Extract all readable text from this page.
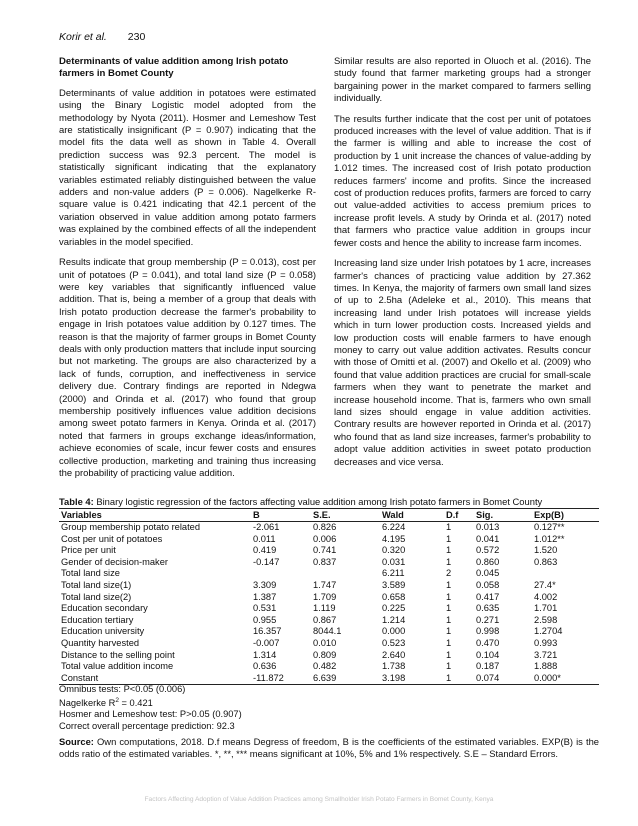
Korir et al. 230
Determinants of value addition among Irish potato farmers in Bomet County

Determinants of value addition in potatoes were estimated using the Binary Logistic model adopted from the methodology by Nyota (2011). Hosmer and Lemeshow Test are statistically insignificant (P = 0.907) indicating that the model fits the data well as shown in Table 4. Overall prediction success was 92.3 percent. The model is statistically significant indicating that the explanatory variables estimated reliably distinguished between the value adders and non-value adders (P = 0.006). Nagelkerke R-square value is 0.421 indicating that 42.1 percent of the variation observed in value addition among potato farmers was explained by the combined effects of all the independent variables in the model specified.

Results indicate that group membership (P = 0.013), cost per unit of potatoes (P = 0.041), and total land size (P = 0.058) were key variables that significantly influenced value addition. That is, being a member of a group that deals with Irish potato production decrease the farmer's probability to engage in Irish potatoes value addition by 0.127 times. The reason is that the majority of farmer groups in Bomet County deals with only production matters that include input sourcing but not marketing. The groups are also characterized by a lack of funds, corruption, and ineffectiveness in service delivery due. Contrary findings are reported in Ndegwa (2000) and Orinda et al. (2017) who found that group membership positively influences value addition decisions among sweet potato farmers in Kenya. Orinda et al. (2017) noted that farmers in groups exchange ideas/information, achieve economies of scale, incur fewer costs and ensures collective production, marketing and training thus increasing the probability of practicing value addition.

Similar results are also reported in Oluoch et al. (2016). The study found that farmer marketing groups had a stronger bargaining power in the market compared to farmers selling individually.

The results further indicate that the cost per unit of potatoes produced increases with the level of value addition. That is if the farmer is willing and able to increase the cost of production by 1 unit increase the chances of value-adding by 1.012 times. The increased cost of Irish potato production reduces farmers' income and profits. Since the increased cost of production reduces profits, farmers are forced to carry out value-added activities to access premium prices to increase profit levels. A study by Orinda et al. (2017) noted that farmers who practice value addition in groups incur fewer costs and hence the ability to increase farm incomes.

Increasing land size under Irish potatoes by 1 acre, increases farmer's chances of practicing value addition by 27.362 times. In Kenya, the majority of farmers own small land sizes of up to 2.5ha (Adeleke et al., 2010). This means that increasing land under Irish potatoes will increase yields which in turn lower production costs. Increased yields and low production costs will enable farmers to have enough money to carry out value addition activates. Results concur with those of Omitti et al. (2007) and Okello et al. (2009) who found that value addition practices are crucial for small-scale farmers when they want to penetrate the market and increase household income. That is, farmers who own small land sizes should engage in value addition activities. Contrary results are however reported in Orinda et al. (2017) who found that as land size increases, farmer's probability to adopt value addition activities in sweet potato production decreases and vice versa.

Table 4: Binary logistic regression of the factors affecting value addition among Irish potato farmers in Bomet County
Variables	B	S.E.	Wald	D.f	Sig.	Exp(B)
Group membership potato related	-2.061	0.826	6.224	1	0.013	0.127**
Cost per unit of potatoes	0.011	0.006	4.195	1	0.041	1.012**
Price per unit	0.419	0.741	0.320	1	0.572	1.520
Gender of decision-maker	-0.147	0.837	0.031	1	0.860	0.863
Total land size			6.211	2	0.045	
Total land size(1)	3.309	1.747	3.589	1	0.058	27.4*
Total land size(2)	1.387	1.709	0.658	1	0.417	4.002
Education secondary	0.531	1.119	0.225	1	0.635	1.701
Education tertiary	0.955	0.867	1.214	1	0.271	2.598
Education university	16.357	8044.1	0.000	1	0.998	1.2704
Quantity harvested	-0.007	0.010	0.523	1	0.470	0.993
Distance to the selling point	1.314	0.809	2.640	1	0.104	3.721
Total value addition income	0.636	0.482	1.738	1	0.187	1.888
Constant	-11.872	6.639	3.198	1	0.074	0.000*
Omnibus tests: P<0.05 (0.006)
Nagelkerke $R^2 = 0.421$
Hosmer and Lemeshow test: P>0.05 (0.907)
Correct overall percentage prediction: 92.3
Source: Own computations, 2018. D.f means Degress of freedom, B is the coefficients of the estimated variables. EXP(B) is the odds ratio of the estimated variables. *, **, *** means significant at 10%, 5% and 1% respectively. S.E – Standard Errors.
Factors Affecting Adoption of Value Addition Practices among Smallholder Irish Potato Farmers in Bomet County, Kenya
